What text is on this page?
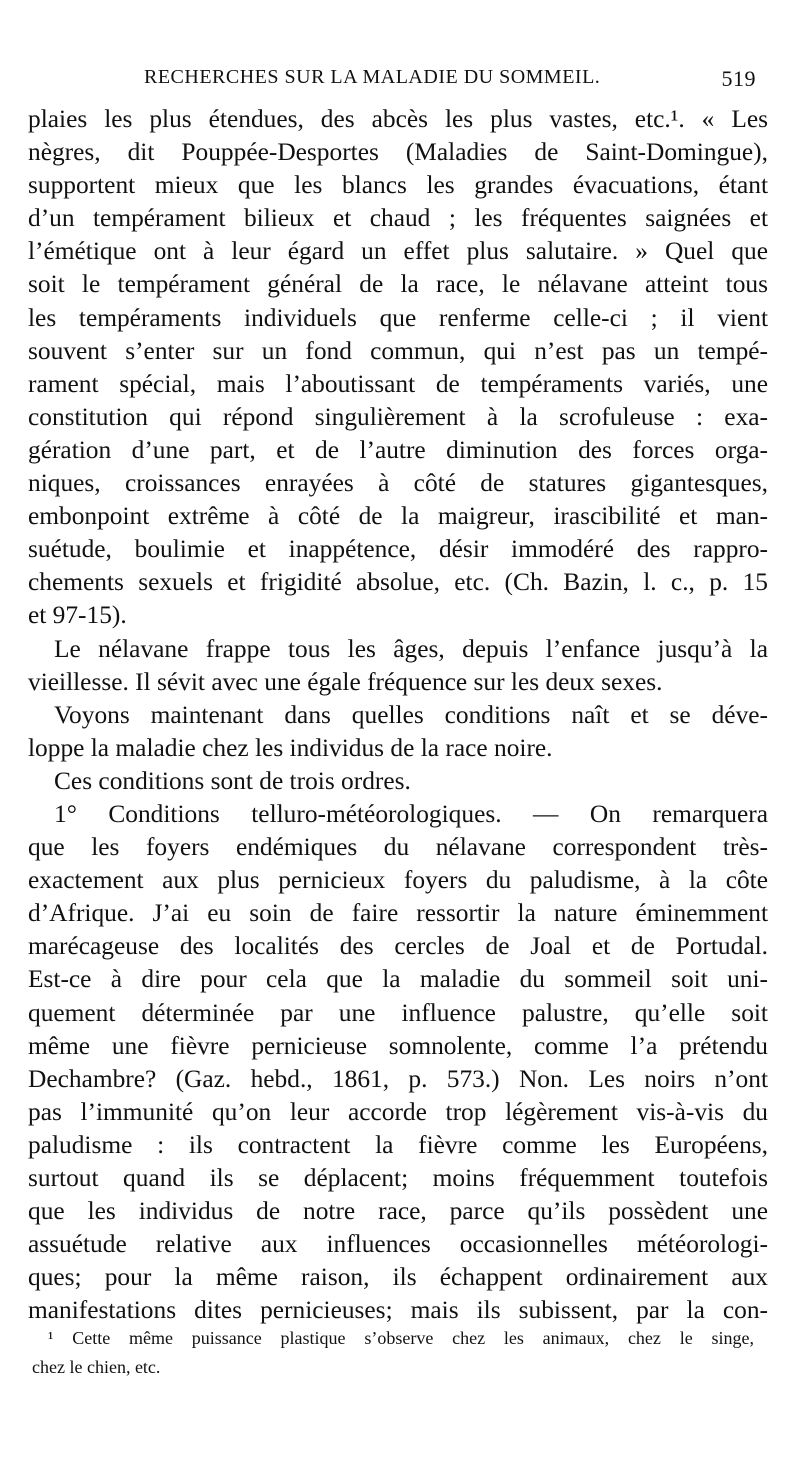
RECHERCHES SUR LA MALADIE DU SOMMEIL.	519
plaies les plus étendues, des abcès les plus vastes, etc.¹. « Les
nègres, dit Pouppée-Desportes (Maladies de Saint-Domingue),
supportent mieux que les blancs les grandes évacuations, étant
d’un tempérament bilieux et chaud ; les fréquentes saignées et
l’émétique ont à leur égard un effet plus salutaire. » Quel que
soit le tempérament général de la race, le nélavane atteint tous
les tempéraments individuels que renferme celle-ci ; il vient
souvent s’enter sur un fond commun, qui n’est pas un tempé-
rament spécial, mais l’aboutissant de tempéraments variés, une
constitution qui répond singulièrement à la scrofuleuse : exa-
gération d’une part, et de l’autre diminution des forces orga-
niques, croissances enrayées à côté de statures gigantesques,
embonpoint extrême à côté de la maigreur, irascibilité et man-
suétude, boulimie et inappétence, désir immodéré des rappro-
chements sexuels et frigidité absolue, etc. (Ch. Bazin, l. c., p. 15
et 97-15).
Le nélavane frappe tous les âges, depuis l’enfance jusqu’à la
vieillesse. Il sévit avec une égale fréquence sur les deux sexes.
Voyons maintenant dans quelles conditions naît et se déve-
loppe la maladie chez les individus de la race noire.
Ces conditions sont de trois ordres.
1° Conditions telluro-météorologiques. — On remarquera
que les foyers endémiques du nélavane correspondent très-
exactement aux plus pernicieux foyers du paludisme, à la côte
d’Afrique. J’ai eu soin de faire ressortir la nature éminemment
marécageuse des localités des cercles de Joal et de Portudal.
Est-ce à dire pour cela que la maladie du sommeil soit uni-
quement déterminée par une influence palustre, qu’elle soit
même une fièvre pernicieuse somnolente, comme l’a prétendu
Dechambre? (Gaz. hebd., 1861, p. 573.) Non. Les noirs n’ont
pas l’immunité qu’on leur accorde trop légèrement vis-à-vis du
paludisme : ils contractent la fièvre comme les Européens,
surtout quand ils se déplacent; moins fréquemment toutefois
que les individus de notre race, parce qu’ils possèdent une
assuétude relative aux influences occasionnelles météorologi-
ques; pour la même raison, ils échappent ordinairement aux
manifestations dites pernicieuses; mais ils subissent, par la con-
¹ Cette même puissance plastique s’observe chez les animaux, chez le singe,
chez le chien, etc.
